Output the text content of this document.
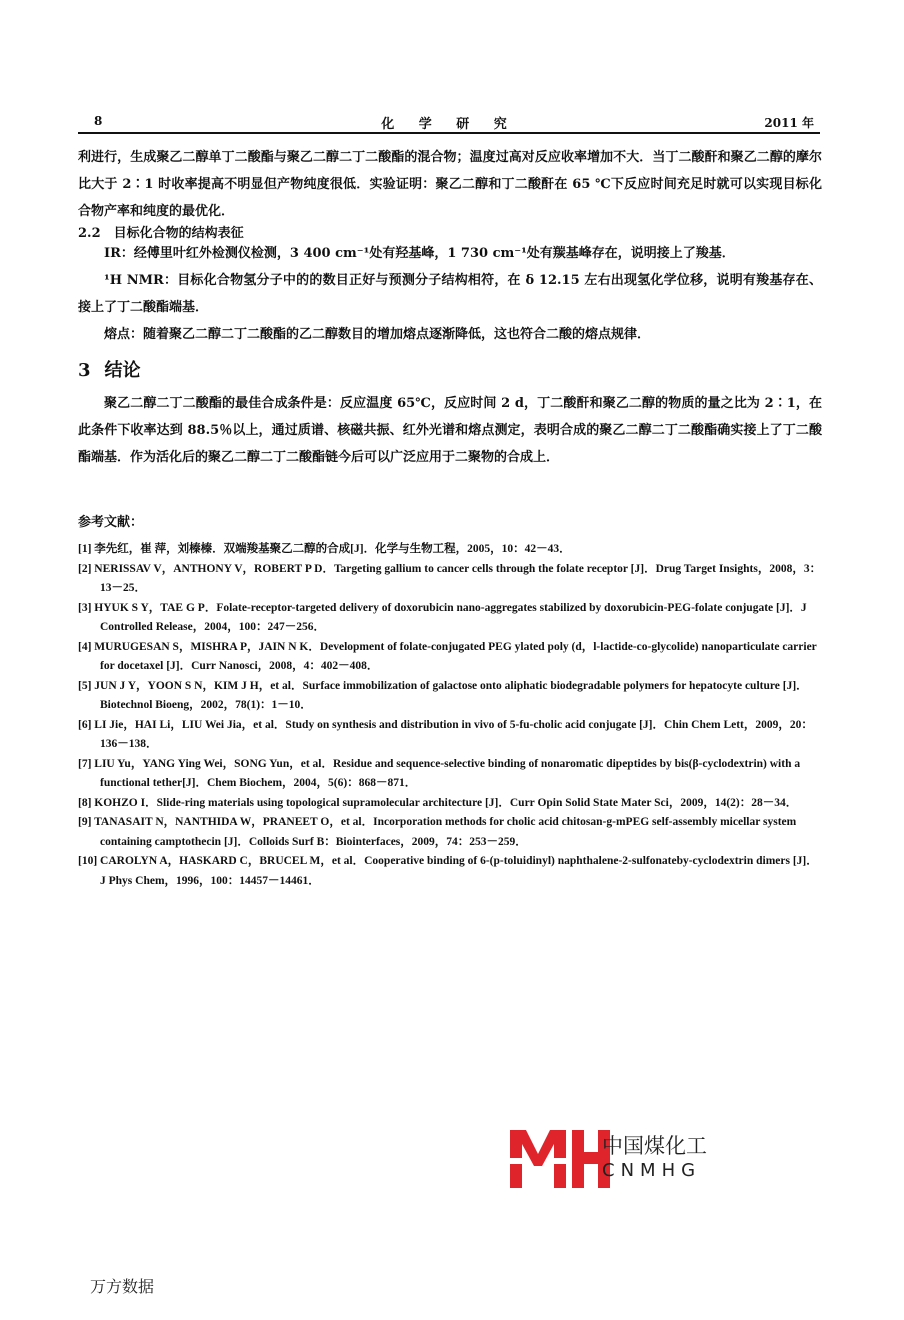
8	化 学 研 究	2011 年

利进行，生成聚乙二醇单丁二酸酯与聚乙二醇二丁二酸酯的混合物；温度过高对反应收率增加不大．当丁二酸酐和聚乙二醇的摩尔比大于 2∶1 时收率提高不明显但产物纯度很低．实验证明：聚乙二醇和丁二酸酐在 65 ℃下反应时间充足时就可以实现目标化合物产率和纯度的最优化．

2.2　目标化合物的结构表征

IR：经傅里叶红外检测仪检测，3 400 cm⁻¹处有羟基峰，1 730 cm⁻¹处有羰基峰存在，说明接上了羧基．

¹H NMR：目标化合物氢分子中的的数目正好与预测分子结构相符，在 δ 12.15 左右出现氢化学位移，说明有羧基存在、接上了丁二酸酯端基．

熔点：随着聚乙二醇二丁二酸酯的乙二醇数目的增加熔点逐渐降低，这也符合二酸的熔点规律．

3 结论

聚乙二醇二丁二酸酯的最佳合成条件是：反应温度 65℃，反应时间 2 d，丁二酸酐和聚乙二醇的物质的量之比为 2∶1，在此条件下收率达到 88.5％以上，通过质谱、核磁共振、红外光谱和熔点测定，表明合成的聚乙二醇二丁二酸酯确实接上了丁二酸酯端基．作为活化后的聚乙二醇二丁二酸酯链今后可以广泛应用于二聚物的合成上．

参考文献：

[1] 李先红，崔 萍，刘榛榛．双端羧基聚乙二醇的合成[J]．化学与生物工程，2005，10：42－43．

[2] NERISSAV V，ANTHONY V，ROBERT P D．Targeting gallium to cancer cells through the folate receptor [J]．Drug Target Insights，2008，3：13－25．

[3] HYUK S Y，TAE G P．Folate-receptor-targeted delivery of doxorubicin nano-aggregates stabilized by doxorubicin-PEG-folate conjugate [J]．J Controlled Release，2004，100：247－256．

[4] MURUGESAN S，MISHRA P，JAIN N K．Development of folate-conjugated PEG ylated poly (d，l-lactide-co-glycolide) nanoparticulate carrier for docetaxel [J]．Curr Nanosci，2008，4：402－408．

[5] JUN J Y，YOON S N，KIM J H，et al．Surface immobilization of galactose onto aliphatic biodegradable polymers for hepatocyte culture [J]．Biotechnol Bioeng，2002，78(1)：1－10．

[6] LI Jie，HAI Li，LIU Wei Jia，et al．Study on synthesis and distribution in vivo of 5-fu-cholic acid conjugate [J]．Chin Chem Lett，2009，20：136－138．

[7] LIU Yu，YANG Ying Wei，SONG Yun，et al．Residue and sequence-selective binding of nonaromatic dipeptides by bis(β-cyclodextrin) with a functional tether[J]．Chem Biochem，2004，5(6)：868－871．

[8] KOHZO I．Slide-ring materials using topological supramolecular architecture [J]．Curr Opin Solid State Mater Sci，2009，14(2)：28－34．

[9] TANASAIT N，NANTHIDA W，PRANEET O，et al．Incorporation methods for cholic acid chitosan-g-mPEG self-assembly micellar system containing camptothecin [J]．Colloids Surf B：Biointerfaces，2009，74：253－259．

[10] CAROLYN A，HASKARD C，BRUCEL M，et al．Cooperative binding of 6-(p-toluidinyl) naphthalene-2-sulfonateby-cyclodextrin dimers [J]．J Phys Chem，1996，100：14457－14461．

中国煤化工
CNMHG
万方数据
